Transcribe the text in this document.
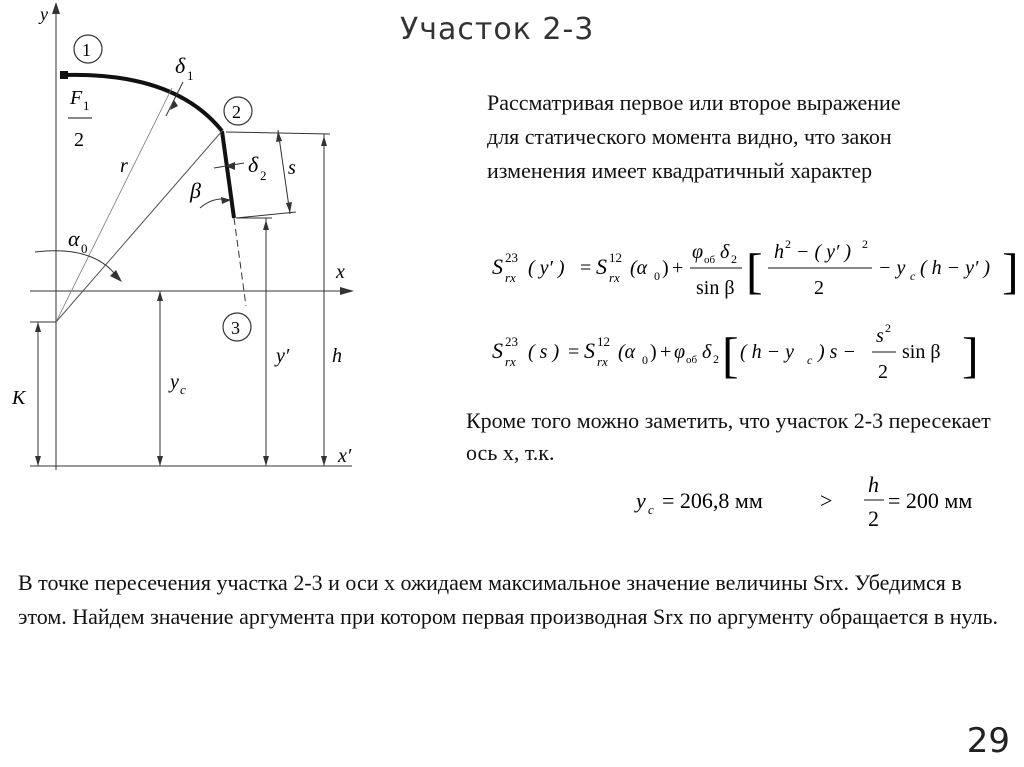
Участок 2-3
y
x
x′
1
2
3
F 1
2
δ 1
r	δ 2 s
β
α 0
y c
y′ h
K
Рассматривая первое или второе выражение для статического момента видно, что закон изменения имеет квадратичный характер
S 23
rx ( y′ ) = S 12
rx (α 0 ) +
φ об δ 2
sin β [ h 2 − ( y′ ) 2
2
− y c ( h − y′ ) ]
S 23
rx ( s ) = S 12
rx (α 0 ) + φ об δ 2 [ ( h − y c ) s −
s 2
2
sin β ]
Кроме того можно заметить, что участок 2-3 пересекает ось x, т.к.
y c = 206,8 мм	>
h
2
= 200 мм
В точке пересечения участка 2-3 и оси x ожидаем максимальное значение величины Srx. Убедимся в этом. Найдем значение аргумента при котором первая производная Srx по аргументу обращается в нуль.
29
